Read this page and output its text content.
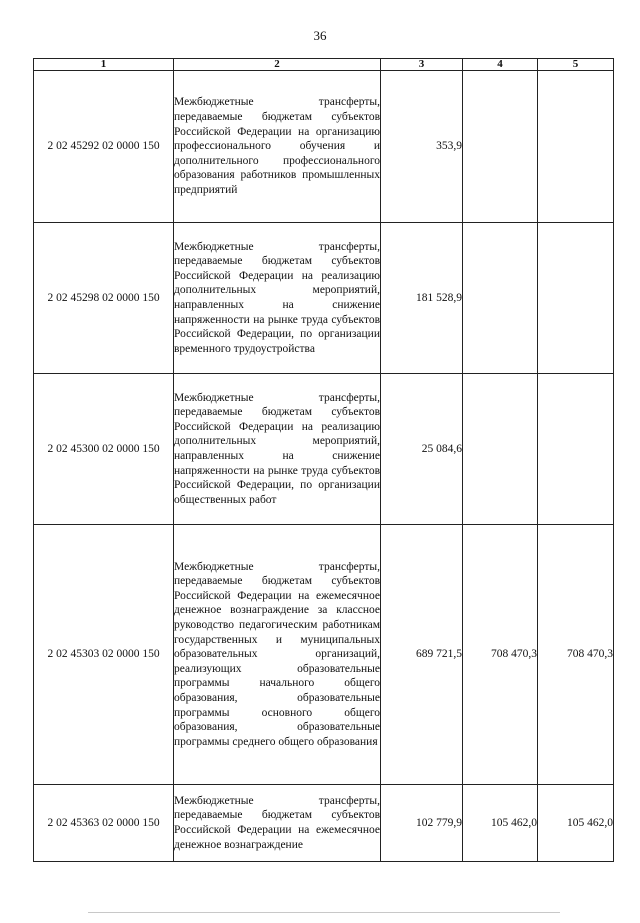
36
1	2	3	4	5
2 02 45292 02 0000 150	Межбюджетные трансферты, передаваемые бюджетам субъектов Российской Федерации на организацию профессионального обучения и дополнительного профессионального образования работников промышленных предприятий	353,9		
2 02 45298 02 0000 150	Межбюджетные трансферты, передаваемые бюджетам субъектов Российской Федерации на реализацию дополнительных мероприятий, направленных на снижение напряженности на рынке труда субъектов Российской Федерации, по организации временного трудоустройства	181 528,9		
2 02 45300 02 0000 150	Межбюджетные трансферты, передаваемые бюджетам субъектов Российской Федерации на реализацию дополнительных мероприятий, направленных на снижение напряженности на рынке труда субъектов Российской Федерации, по организации общественных работ	25 084,6		
2 02 45303 02 0000 150	Межбюджетные трансферты, передаваемые бюджетам субъектов Российской Федерации на ежемесячное денежное вознаграждение за классное руководство педагогическим работникам государственных и муниципальных образовательных организаций, реализующих образовательные программы начального общего образования, образовательные программы основного общего образования, образовательные программы среднего общего образования	689 721,5	708 470,3	708 470,3
2 02 45363 02 0000 150	Межбюджетные трансферты, передаваемые бюджетам субъектов Российской Федерации на ежемесячное денежное вознаграждение	102 779,9	105 462,0	105 462,0
